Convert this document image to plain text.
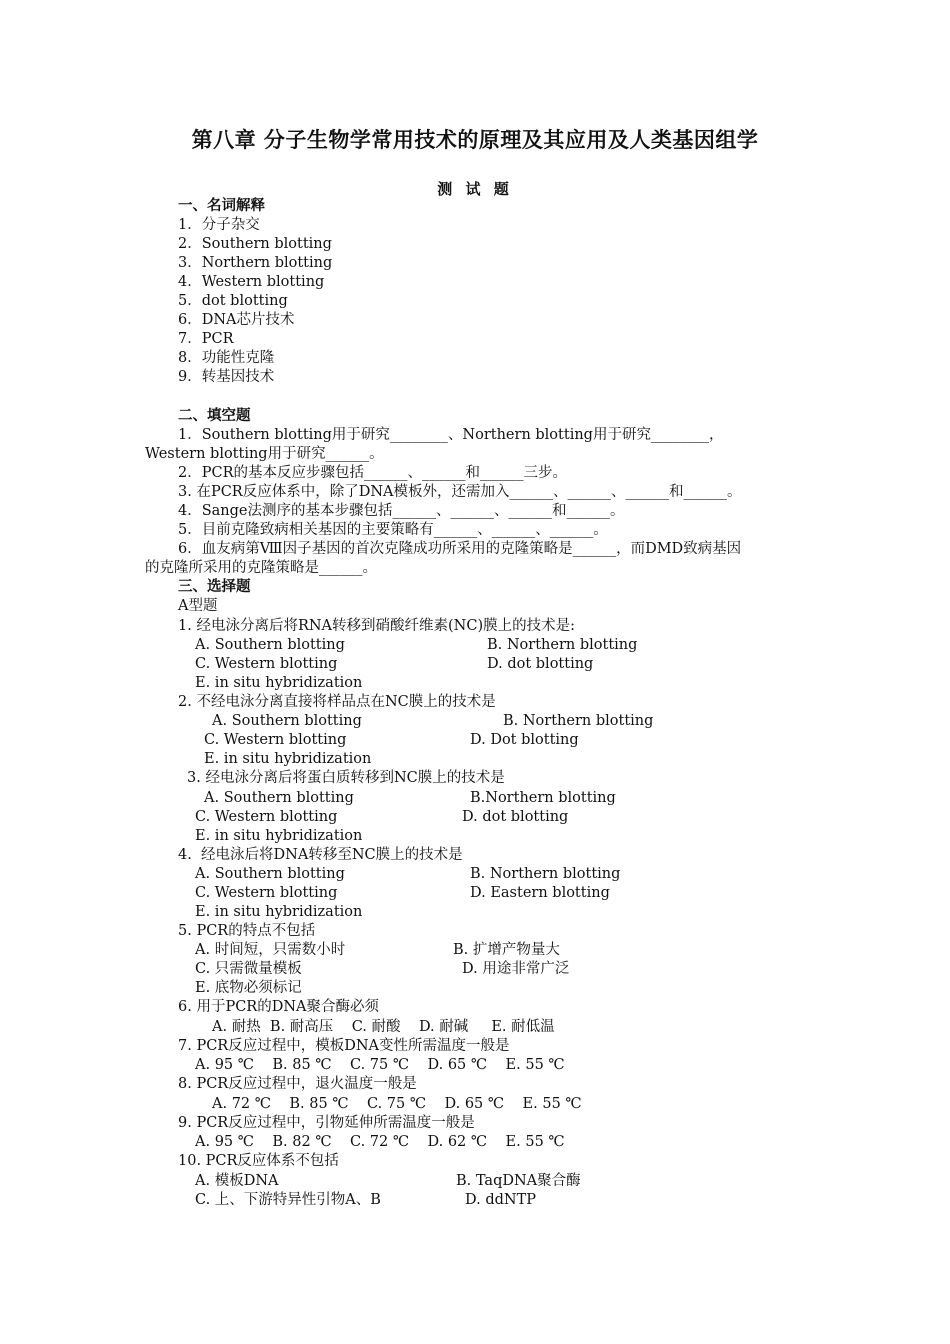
第八章 分子生物学常用技术的原理及其应用及人类基因组学
测 试 题
一、名词解释
1．分子杂交
2．Southern blotting
3．Northern blotting
4．Western blotting
5．dot blotting
6．DNA芯片技术
7．PCR
8．功能性克隆
9．转基因技术
二、填空题
1．Southern blotting用于研究________、Northern blotting用于研究________，
Western blotting用于研究______。
2．PCR的基本反应步骤包括______、______和______三步。
3. 在PCR反应体系中，除了DNA模板外，还需加入______、______、______和______。
4．Sange法测序的基本步骤包括______、______、______和______。
5．目前克隆致病相关基因的主要策略有______、______、______。
6．血友病第Ⅷ因子基因的首次克隆成功所采用的克隆策略是______，而DMD致病基因
的克隆所采用的克隆策略是______。
三、选择题
A型题
1. 经电泳分离后将RNA转移到硝酸纤维素(NC)膜上的技术是:
A. Southern blotting	B. Northern blotting
C. Western blotting	D. dot blotting
E. in situ hybridization
2. 不经电泳分离直接将样品点在NC膜上的技术是
A. Southern blotting	B. Northern blotting
C. Western blotting	D. Dot blotting
E. in situ hybridization
3. 经电泳分离后将蛋白质转移到NC膜上的技术是
A. Southern blotting	B.Northern blotting
C. Western blotting	D. dot blotting
E. in situ hybridization
4.  经电泳后将DNA转移至NC膜上的技术是
A. Southern blotting	B. Northern blotting
C. Western blotting	D. Eastern blotting
E. in situ hybridization
5. PCR的特点不包括
A. 时间短，只需数小时	B. 扩增产物量大
C. 只需微量模板	D. 用途非常广泛
E. 底物必须标记
6. 用于PCR的DNA聚合酶必须
A. 耐热  B. 耐高压    C. 耐酸    D. 耐碱     E. 耐低温
7. PCR反应过程中，模板DNA变性所需温度一般是
A. 95 ℃    B. 85 ℃    C. 75 ℃    D. 65 ℃    E. 55 ℃
8. PCR反应过程中，退火温度一般是
A. 72 ℃    B. 85 ℃    C. 75 ℃    D. 65 ℃    E. 55 ℃
9. PCR反应过程中，引物延伸所需温度一般是
A. 95 ℃    B. 82 ℃    C. 72 ℃    D. 62 ℃    E. 55 ℃
10. PCR反应体系不包括
A. 模板DNA	B. TaqDNA聚合酶
C. 上、下游特异性引物A、B	D. ddNTP
